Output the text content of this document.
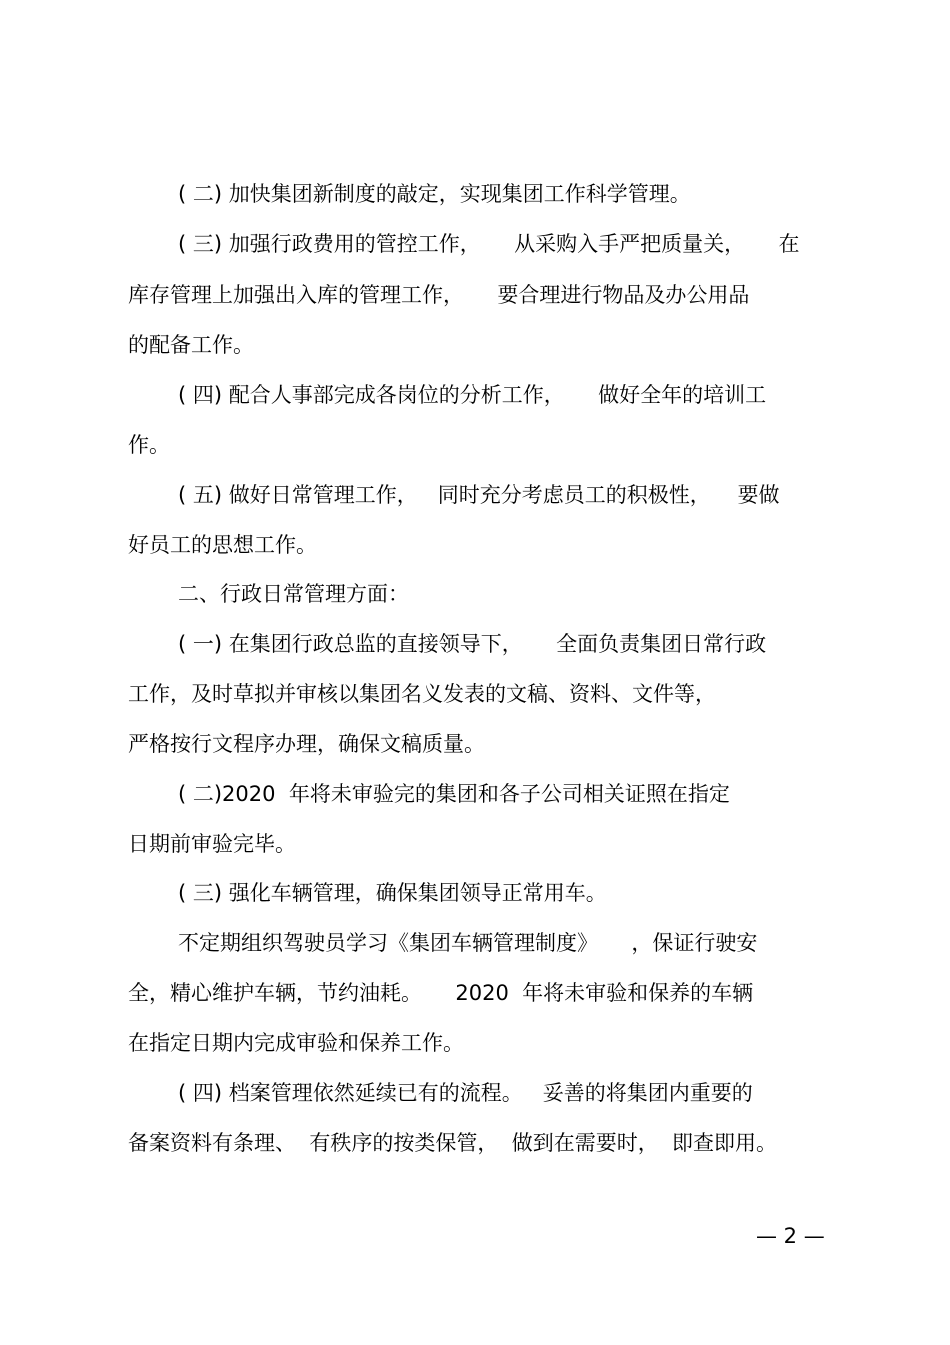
( 二) 加快集团新制度的敲定，实现集团工作科学管理。

( 三) 加强行政费用的管控工作，     从采购入手严把质量关，     在

库存管理上加强出入库的管理工作，     要合理进行物品及办公用品

的配备工作。

( 四) 配合人事部完成各岗位的分析工作，     做好全年的培训工

作。

( 五) 做好日常管理工作，   同时充分考虑员工的积极性，    要做

好员工的思想工作。

二、行政日常管理方面：

( 一) 在集团行政总监的直接领导下，     全面负责集团日常行政

工作，及时草拟并审核以集团名义发表的文稿、资料、文件等，

严格按行文程序办理，确保文稿质量。

( 二)2020  年将未审验完的集团和各子公司相关证照在指定

日期前审验完毕。

( 三) 强化车辆管理，确保集团领导正常用车。

不定期组织驾驶员学习《集团车辆管理制度》     ，保证行驶安

全，精心维护车辆，节约油耗。     2020  年将未审验和保养的车辆

在指定日期内完成审验和保养工作。

( 四) 档案管理依然延续已有的流程。   妥善的将集团内重要的

备案资料有条理、  有秩序的按类保管，  做到在需要时，  即查即用。

— 2 —
